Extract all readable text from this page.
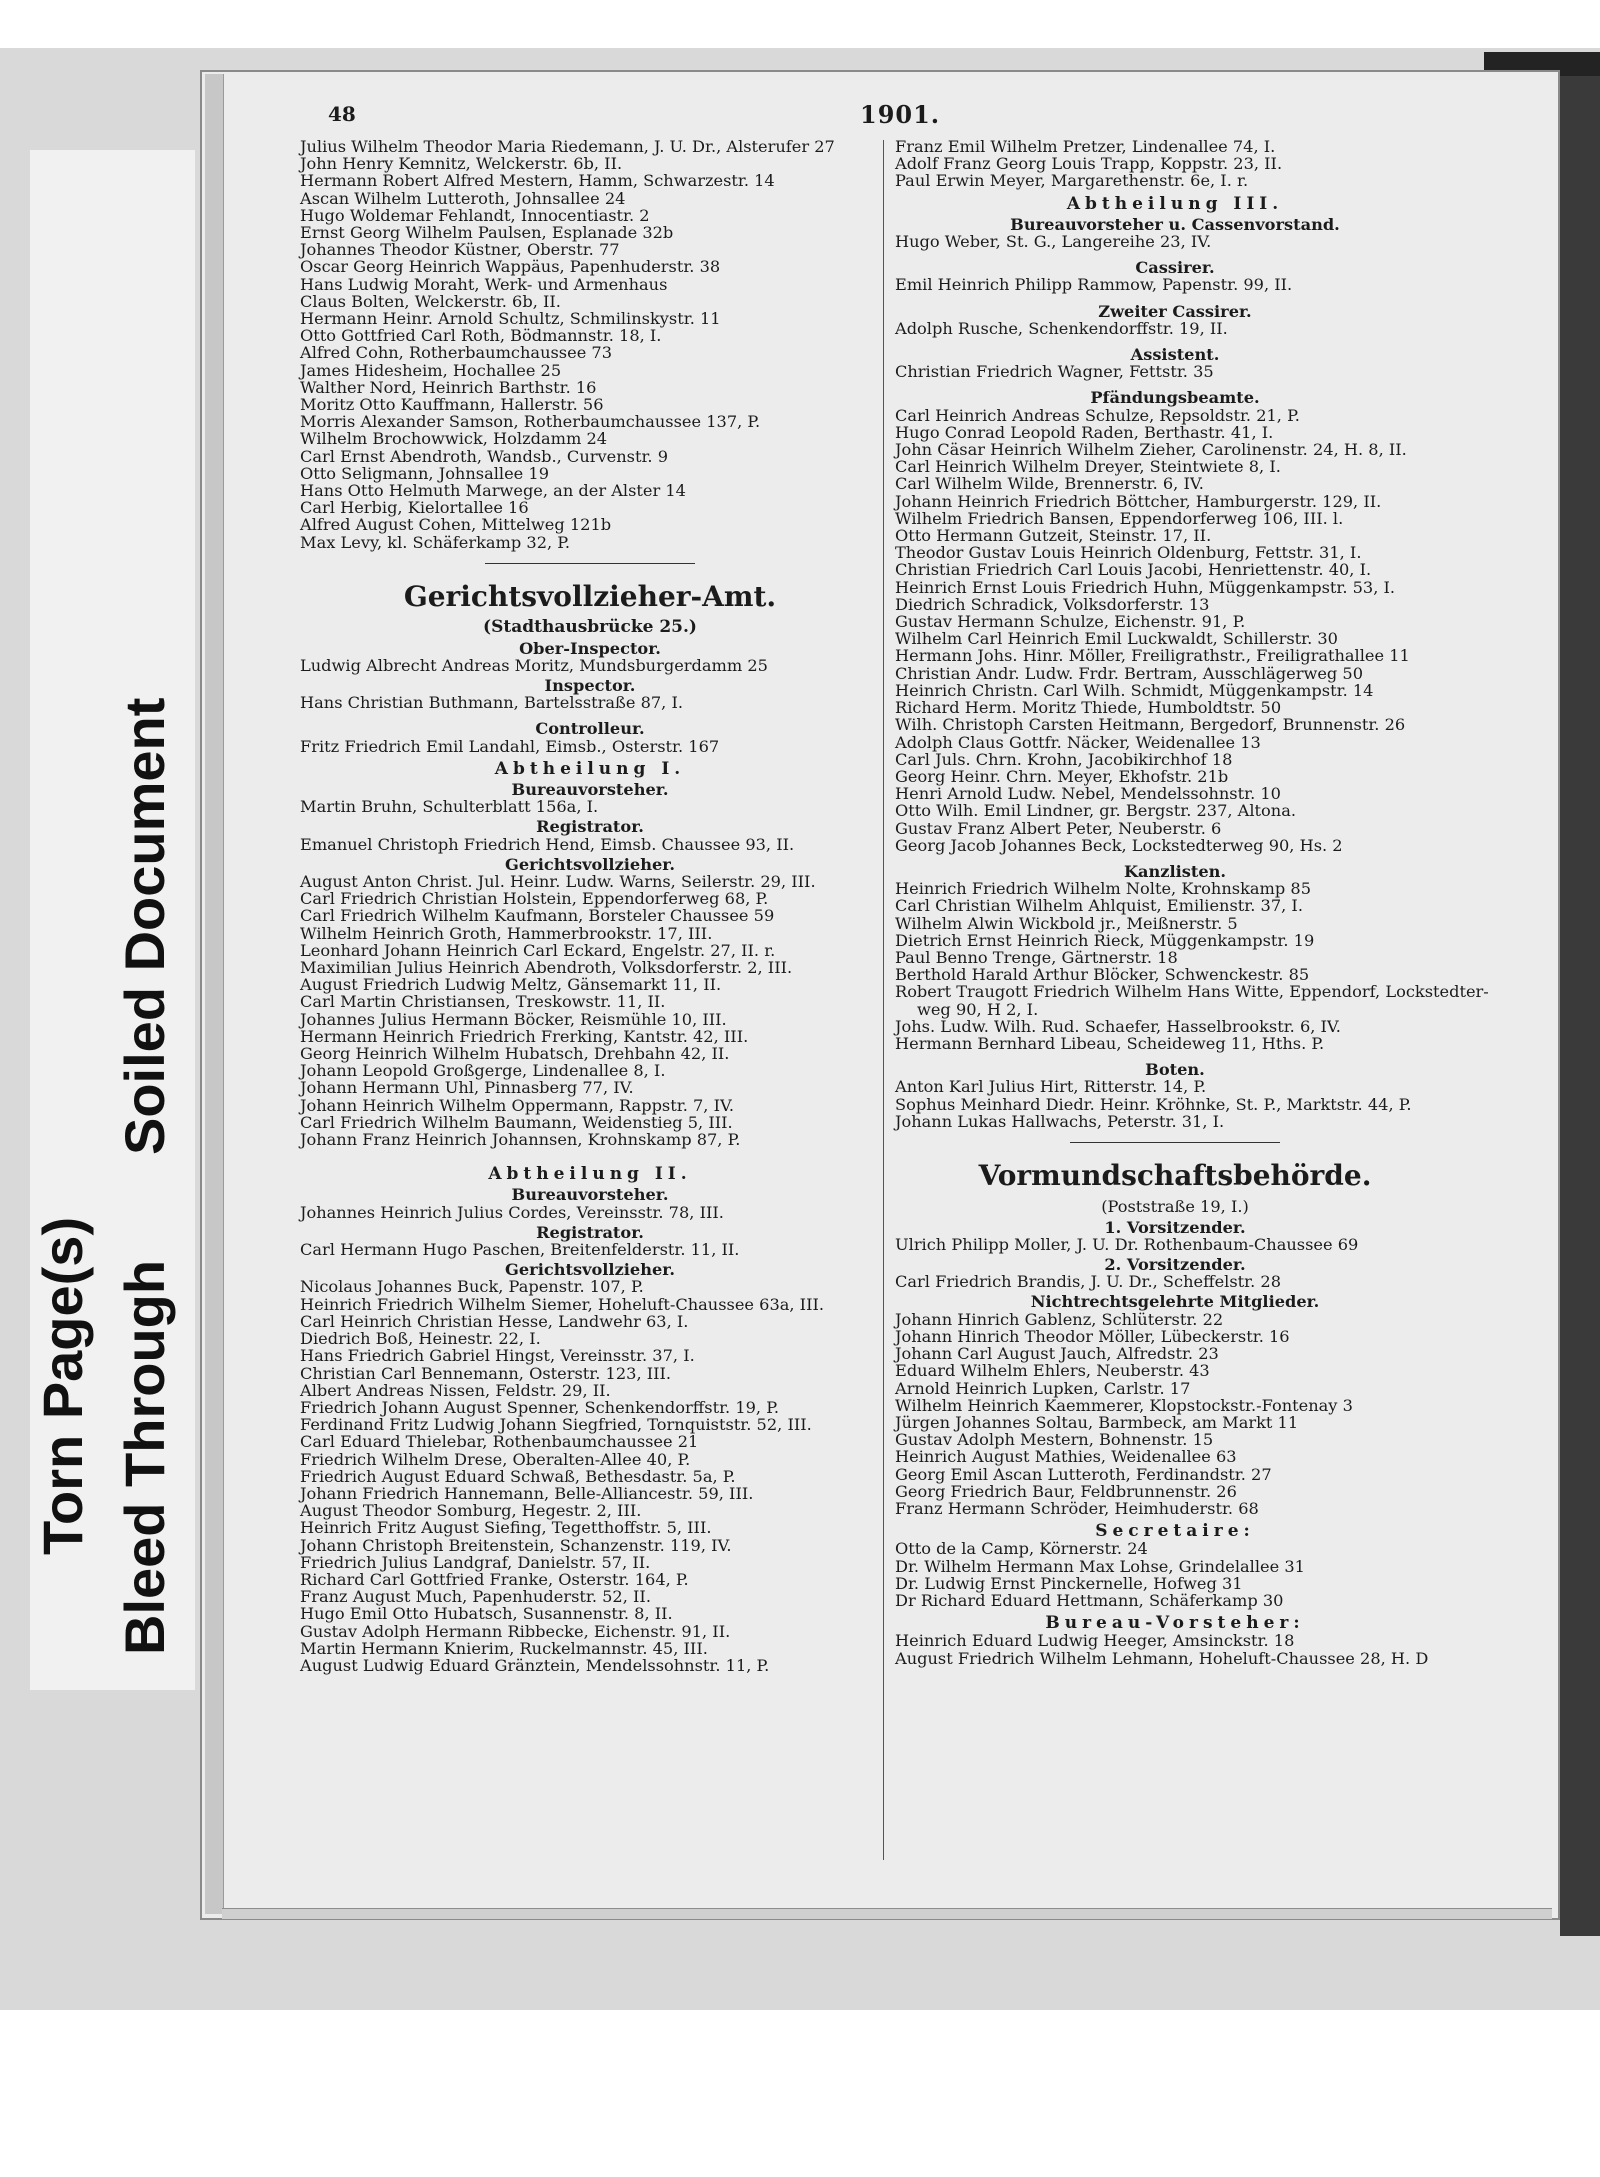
Torn Page(s) Bleed Through
Soiled Document
48	1901.
Julius Wilhelm Theodor Maria Riedemann, J. U. Dr., Alsterufer 27
John Henry Kemnitz, Welckerstr. 6b, II.
Hermann Robert Alfred Mestern, Hamm, Schwarzestr. 14
Ascan Wilhelm Lutteroth, Johnsallee 24
Hugo Woldemar Fehlandt, Innocentiastr. 2
Ernst Georg Wilhelm Paulsen, Esplanade 32b
Johannes Theodor Küstner, Oberstr. 77
Oscar Georg Heinrich Wappäus, Papenhuderstr. 38
Hans Ludwig Moraht, Werk- und Armenhaus
Claus Bolten, Welckerstr. 6b, II.
Hermann Heinr. Arnold Schultz, Schmilinskystr. 11
Otto Gottfried Carl Roth, Bödmannstr. 18, I.
Alfred Cohn, Rotherbaumchaussee 73
James Hidesheim, Hochallee 25
Walther Nord, Heinrich Barthstr. 16
Moritz Otto Kauffmann, Hallerstr. 56
Morris Alexander Samson, Rotherbaumchaussee 137, P.
Wilhelm Brochowwick, Holzdamm 24
Carl Ernst Abendroth, Wandsb., Curvenstr. 9
Otto Seligmann, Johnsallee 19
Hans Otto Helmuth Marwege, an der Alster 14
Carl Herbig, Kielortallee 16
Alfred August Cohen, Mittelweg 121b
Max Levy, kl. Schäferkamp 32, P.
Gerichtsvollzieher-Amt.
(Stadthausbrücke 25.)
Ober-Inspector.
Ludwig Albrecht Andreas Moritz, Mundsburgerdamm 25
Inspector.
Hans Christian Buthmann, Bartelsstraße 87, I.
Controlleur.
Fritz Friedrich Emil Landahl, Eimsb., Osterstr. 167
Abtheilung I.
Bureauvorsteher.
Martin Bruhn, Schulterblatt 156a, I.
Registrator.
Emanuel Christoph Friedrich Hend, Eimsb. Chaussee 93, II.
Gerichtsvollzieher.
August Anton Christ. Jul. Heinr. Ludw. Warns, Seilerstr. 29, III.
Carl Friedrich Christian Holstein, Eppendorferweg 68, P.
Carl Friedrich Wilhelm Kaufmann, Borsteler Chaussee 59
Wilhelm Heinrich Groth, Hammerbrookstr. 17, III.
Leonhard Johann Heinrich Carl Eckard, Engelstr. 27, II. r.
Maximilian Julius Heinrich Abendroth, Volksdorferstr. 2, III.
August Friedrich Ludwig Meltz, Gänsemarkt 11, II.
Carl Martin Christiansen, Treskowstr. 11, II.
Johannes Julius Hermann Böcker, Reismühle 10, III.
Hermann Heinrich Friedrich Frerking, Kantstr. 42, III.
Georg Heinrich Wilhelm Hubatsch, Drehbahn 42, II.
Johann Leopold Großgerge, Lindenallee 8, I.
Johann Hermann Uhl, Pinnasberg 77, IV.
Johann Heinrich Wilhelm Oppermann, Rappstr. 7, IV.
Carl Friedrich Wilhelm Baumann, Weidenstieg 5, III.
Johann Franz Heinrich Johannsen, Krohnskamp 87, P.
Abtheilung II.
Bureauvorsteher.
Johannes Heinrich Julius Cordes, Vereinsstr. 78, III.
Registrator.
Carl Hermann Hugo Paschen, Breitenfelderstr. 11, II.
Gerichtsvollzieher.
Nicolaus Johannes Buck, Papenstr. 107, P.
Heinrich Friedrich Wilhelm Siemer, Hoheluft-Chaussee 63a, III.
Carl Heinrich Christian Hesse, Landwehr 63, I.
Diedrich Boß, Heinestr. 22, I.
Hans Friedrich Gabriel Hingst, Vereinsstr. 37, I.
Christian Carl Bennemann, Osterstr. 123, III.
Albert Andreas Nissen, Feldstr. 29, II.
Friedrich Johann August Spenner, Schenkendorffstr. 19, P.
Ferdinand Fritz Ludwig Johann Siegfried, Tornquiststr. 52, III.
Carl Eduard Thielebar, Rothenbaumchaussee 21
Friedrich Wilhelm Drese, Oberalten-Allee 40, P.
Friedrich August Eduard Schwaß, Bethesdastr. 5a, P.
Johann Friedrich Hannemann, Belle-Alliancestr. 59, III.
August Theodor Somburg, Hegestr. 2, III.
Heinrich Fritz August Siefing, Tegetthoffstr. 5, III.
Johann Christoph Breitenstein, Schanzenstr. 119, IV.
Friedrich Julius Landgraf, Danielstr. 57, II.
Richard Carl Gottfried Franke, Osterstr. 164, P.
Franz August Much, Papenhuderstr. 52, II.
Hugo Emil Otto Hubatsch, Susannenstr. 8, II.
Gustav Adolph Hermann Ribbecke, Eichenstr. 91, II.
Martin Hermann Knierim, Ruckelmannstr. 45, III.
August Ludwig Eduard Gränztein, Mendelssohnstr. 11, P.
Franz Emil Wilhelm Pretzer, Lindenallee 74, I.
Adolf Franz Georg Louis Trapp, Koppstr. 23, II.
Paul Erwin Meyer, Margarethenstr. 6e, I. r.
Abtheilung III.
Bureauvorsteher u. Cassenvorstand.
Hugo Weber, St. G., Langereihe 23, IV.
Cassirer.
Emil Heinrich Philipp Rammow, Papenstr. 99, II.
Zweiter Cassirer.
Adolph Rusche, Schenkendorffstr. 19, II.
Assistent.
Christian Friedrich Wagner, Fettstr. 35
Pfändungsbeamte.
Carl Heinrich Andreas Schulze, Repsoldstr. 21, P.
Hugo Conrad Leopold Raden, Berthastr. 41, I.
John Cäsar Heinrich Wilhelm Zieher, Carolinenstr. 24, H. 8, II.
Carl Heinrich Wilhelm Dreyer, Steintwiete 8, I.
Carl Wilhelm Wilde, Brennerstr. 6, IV.
Johann Heinrich Friedrich Böttcher, Hamburgerstr. 129, II.
Wilhelm Friedrich Bansen, Eppendorferweg 106, III. l.
Otto Hermann Gutzeit, Steinstr. 17, II.
Theodor Gustav Louis Heinrich Oldenburg, Fettstr. 31, I.
Christian Friedrich Carl Louis Jacobi, Henriettenstr. 40, I.
Heinrich Ernst Louis Friedrich Huhn, Müggenkampstr. 53, I.
Diedrich Schradick, Volksdorferstr. 13
Gustav Hermann Schulze, Eichenstr. 91, P.
Wilhelm Carl Heinrich Emil Luckwaldt, Schillerstr. 30
Hermann Johs. Hinr. Möller, Freiligrathstr., Freiligrathallee 11
Christian Andr. Ludw. Frdr. Bertram, Ausschlägerweg 50
Heinrich Christn. Carl Wilh. Schmidt, Müggenkampstr. 14
Richard Herm. Moritz Thiede, Humboldtstr. 50
Wilh. Christoph Carsten Heitmann, Bergedorf, Brunnenstr. 26
Adolph Claus Gottfr. Näcker, Weidenallee 13
Carl Juls. Chrn. Krohn, Jacobikirchhof 18
Georg Heinr. Chrn. Meyer, Ekhofstr. 21b
Henri Arnold Ludw. Nebel, Mendelssohnstr. 10
Otto Wilh. Emil Lindner, gr. Bergstr. 237, Altona.
Gustav Franz Albert Peter, Neuberstr. 6
Georg Jacob Johannes Beck, Lockstedterweg 90, Hs. 2
Kanzlisten.
Heinrich Friedrich Wilhelm Nolte, Krohnskamp 85
Carl Christian Wilhelm Ahlquist, Emilienstr. 37, I.
Wilhelm Alwin Wickbold jr., Meißnerstr. 5
Dietrich Ernst Heinrich Rieck, Müggenkampstr. 19
Paul Benno Trenge, Gärtnerstr. 18
Berthold Harald Arthur Blöcker, Schwenckestr. 85
Robert Traugott Friedrich Wilhelm Hans Witte, Eppendorf, Lockstedter-
weg 90, H 2, I.
Johs. Ludw. Wilh. Rud. Schaefer, Hasselbrookstr. 6, IV.
Hermann Bernhard Libeau, Scheideweg 11, Hths. P.
Boten.
Anton Karl Julius Hirt, Ritterstr. 14, P.
Sophus Meinhard Diedr. Heinr. Kröhnke, St. P., Marktstr. 44, P.
Johann Lukas Hallwachs, Peterstr. 31, I.
Vormundschaftsbehörde.
(Poststraße 19, I.)
1. Vorsitzender.
Ulrich Philipp Moller, J. U. Dr. Rothenbaum-Chaussee 69
2. Vorsitzender.
Carl Friedrich Brandis, J. U. Dr., Scheffelstr. 28
Nichtrechtsgelehrte Mitglieder.
Johann Hinrich Gablenz, Schlüterstr. 22
Johann Hinrich Theodor Möller, Lübeckerstr. 16
Johann Carl August Jauch, Alfredstr. 23
Eduard Wilhelm Ehlers, Neuberstr. 43
Arnold Heinrich Lupken, Carlstr. 17
Wilhelm Heinrich Kaemmerer, Klopstockstr.-Fontenay 3
Jürgen Johannes Soltau, Barmbeck, am Markt 11
Gustav Adolph Mestern, Bohnenstr. 15
Heinrich August Mathies, Weidenallee 63
Georg Emil Ascan Lutteroth, Ferdinandstr. 27
Georg Friedrich Baur, Feldbrunnenstr. 26
Franz Hermann Schröder, Heimhuderstr. 68
Secretaire:
Otto de la Camp, Körnerstr. 24
Dr. Wilhelm Hermann Max Lohse, Grindelallee 31
Dr. Ludwig Ernst Pinckernelle, Hofweg 31
Dr Richard Eduard Hettmann, Schäferkamp 30
Bureau-Vorsteher:
Heinrich Eduard Ludwig Heeger, Amsinckstr. 18
August Friedrich Wilhelm Lehmann, Hoheluft-Chaussee 28, H. D
